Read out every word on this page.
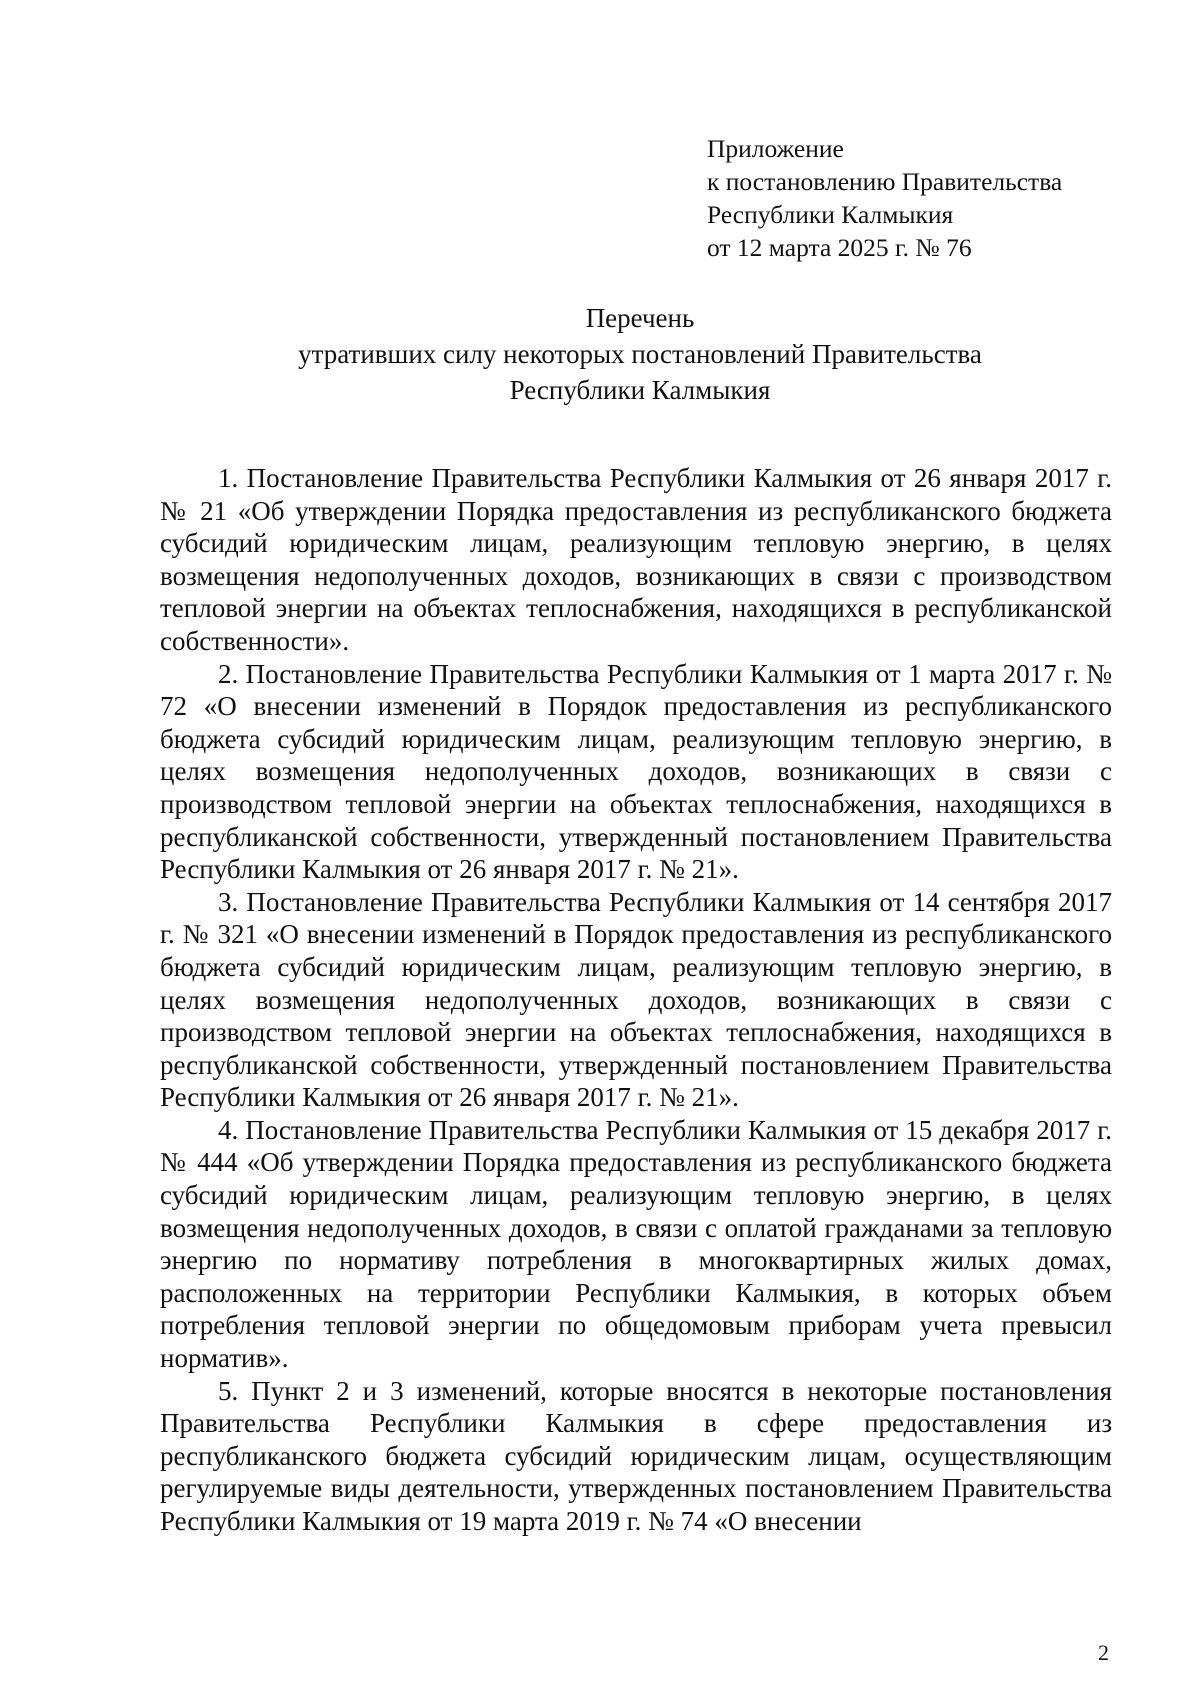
Приложение
к постановлению Правительства
Республики Калмыкия
от 12 марта 2025 г. № 76
Перечень
утративших силу некоторых постановлений Правительства
Республики Калмыкия

1. Постановление Правительства Республики Калмыкия от 26 января 2017 г. № 21 «Об утверждении Порядка предоставления из республиканского бюджета субсидий юридическим лицам, реализующим тепловую энергию, в целях возмещения недополученных доходов, возникающих в связи с производством тепловой энергии на объектах теплоснабжения, находящихся в республиканской собственности».

2. Постановление Правительства Республики Калмыкия от 1 марта 2017 г. № 72 «О внесении изменений в Порядок предоставления из республиканского бюджета субсидий юридическим лицам, реализующим тепловую энергию, в целях возмещения недополученных доходов, возникающих в связи с производством тепловой энергии на объектах теплоснабжения, находящихся в республиканской собственности, утвержденный постановлением Правительства Республики Калмыкия от 26 января 2017 г. № 21».

3. Постановление Правительства Республики Калмыкия от 14 сентября 2017 г. № 321 «О внесении изменений в Порядок предоставления из республиканского бюджета субсидий юридическим лицам, реализующим тепловую энергию, в целях возмещения недополученных доходов, возникающих в связи с производством тепловой энергии на объектах теплоснабжения, находящихся в республиканской собственности, утвержденный постановлением Правительства Республики Калмыкия от 26 января 2017 г. № 21».

4. Постановление Правительства Республики Калмыкия от 15 декабря 2017 г. № 444 «Об утверждении Порядка предоставления из республиканского бюджета субсидий юридическим лицам, реализующим тепловую энергию, в целях возмещения недополученных доходов, в связи с оплатой гражданами за тепловую энергию по нормативу потребления в многоквартирных жилых домах, расположенных на территории Республики Калмыкия, в которых объем потребления тепловой энергии по общедомовым приборам учета превысил норматив».

5. Пункт 2 и 3 изменений, которые вносятся в некоторые постановления Правительства Республики Калмыкия в сфере предоставления из республиканского бюджета субсидий юридическим лицам, осуществляющим регулируемые виды деятельности, утвержденных постановлением Правительства Республики Калмыкия от 19 марта 2019 г. № 74 «О внесении

2
